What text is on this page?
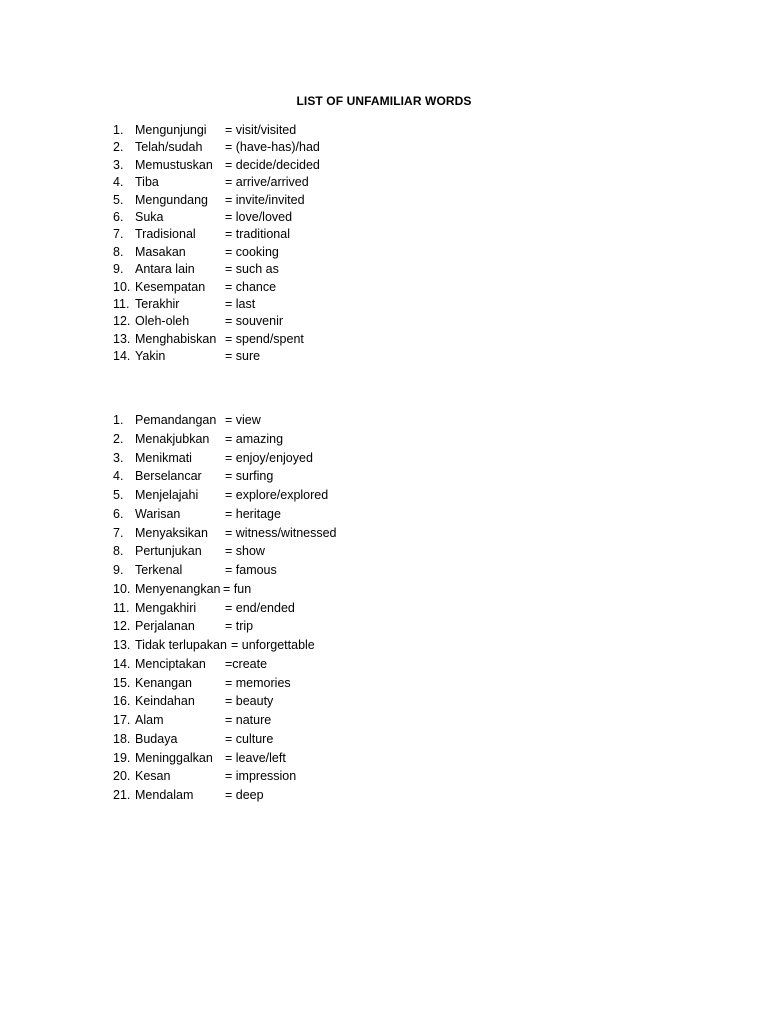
LIST OF UNFAMILIAR WORDS
1. Mengunjungi = visit/visited
2. Telah/sudah = (have-has)/had
3. Memustuskan = decide/decided
4. Tiba	= arrive/arrived
5. Mengundang = invite/invited
6. Suka	= love/loved
7. Tradisional = traditional
8. Masakan	= cooking
9. Antara lain = such as
10. Kesempatan = chance
11. Terakhir	= last
12. Oleh-oleh	= souvenir
13. Menghabiskan = spend/spent
14. Yakin	= sure
1. Pemandangan = view
2. Menakjubkan = amazing
3. Menikmati	= enjoy/enjoyed
4. Berselancar = surfing
5. Menjelajahi = explore/explored
6. Warisan	= heritage
7. Menyaksikan = witness/witnessed
8. Pertunjukan = show
9. Terkenal	= famous
10. Menyenangkan = fun
11. Mengakhiri = end/ended
12. Perjalanan = trip
13. Tidak terlupakan = unforgettable
14. Menciptakan =create
15. Kenangan	= memories
16. Keindahan = beauty
17. Alam	= nature
18. Budaya	= culture
19. Meninggalkan = leave/left
20. Kesan	= impression
21. Mendalam	= deep
